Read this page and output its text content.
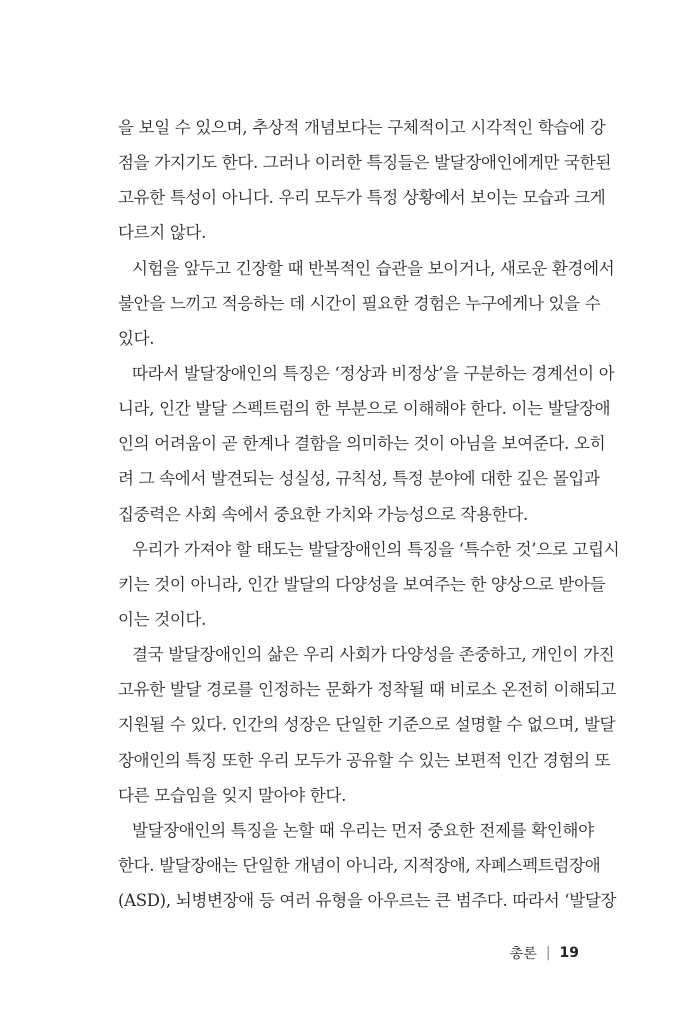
을 보일 수 있으며, 추상적 개념보다는 구체적이고 시각적인 학습에 강
점을 가지기도 한다. 그러나 이러한 특징들은 발달장애인에게만 국한된
고유한 특성이 아니다. 우리 모두가 특정 상황에서 보이는 모습과 크게
다르지 않다.
시험을 앞두고 긴장할 때 반복적인 습관을 보이거나, 새로운 환경에서
불안을 느끼고 적응하는 데 시간이 필요한 경험은 누구에게나 있을 수
있다.
따라서 발달장애인의 특징은 ‘정상과 비정상’을 구분하는 경계선이 아
니라, 인간 발달 스펙트럼의 한 부분으로 이해해야 한다. 이는 발달장애
인의 어려움이 곧 한계나 결함을 의미하는 것이 아님을 보여준다. 오히
려 그 속에서 발견되는 성실성, 규칙성, 특정 분야에 대한 깊은 몰입과
집중력은 사회 속에서 중요한 가치와 가능성으로 작용한다.
우리가 가져야 할 태도는 발달장애인의 특징을 ‘특수한 것’으로 고립시
키는 것이 아니라, 인간 발달의 다양성을 보여주는 한 양상으로 받아들
이는 것이다.
결국 발달장애인의 삶은 우리 사회가 다양성을 존중하고, 개인이 가진
고유한 발달 경로를 인정하는 문화가 정착될 때 비로소 온전히 이해되고
지원될 수 있다. 인간의 성장은 단일한 기준으로 설명할 수 없으며, 발달
장애인의 특징 또한 우리 모두가 공유할 수 있는 보편적 인간 경험의 또
다른 모습임을 잊지 말아야 한다.
발달장애인의 특징을 논할 때 우리는 먼저 중요한 전제를 확인해야
한다. 발달장애는 단일한 개념이 아니라, 지적장애, 자폐스펙트럼장애
(ASD), 뇌병변장애 등 여러 유형을 아우르는 큰 범주다. 따라서 ‘발달장
총론 | 19
